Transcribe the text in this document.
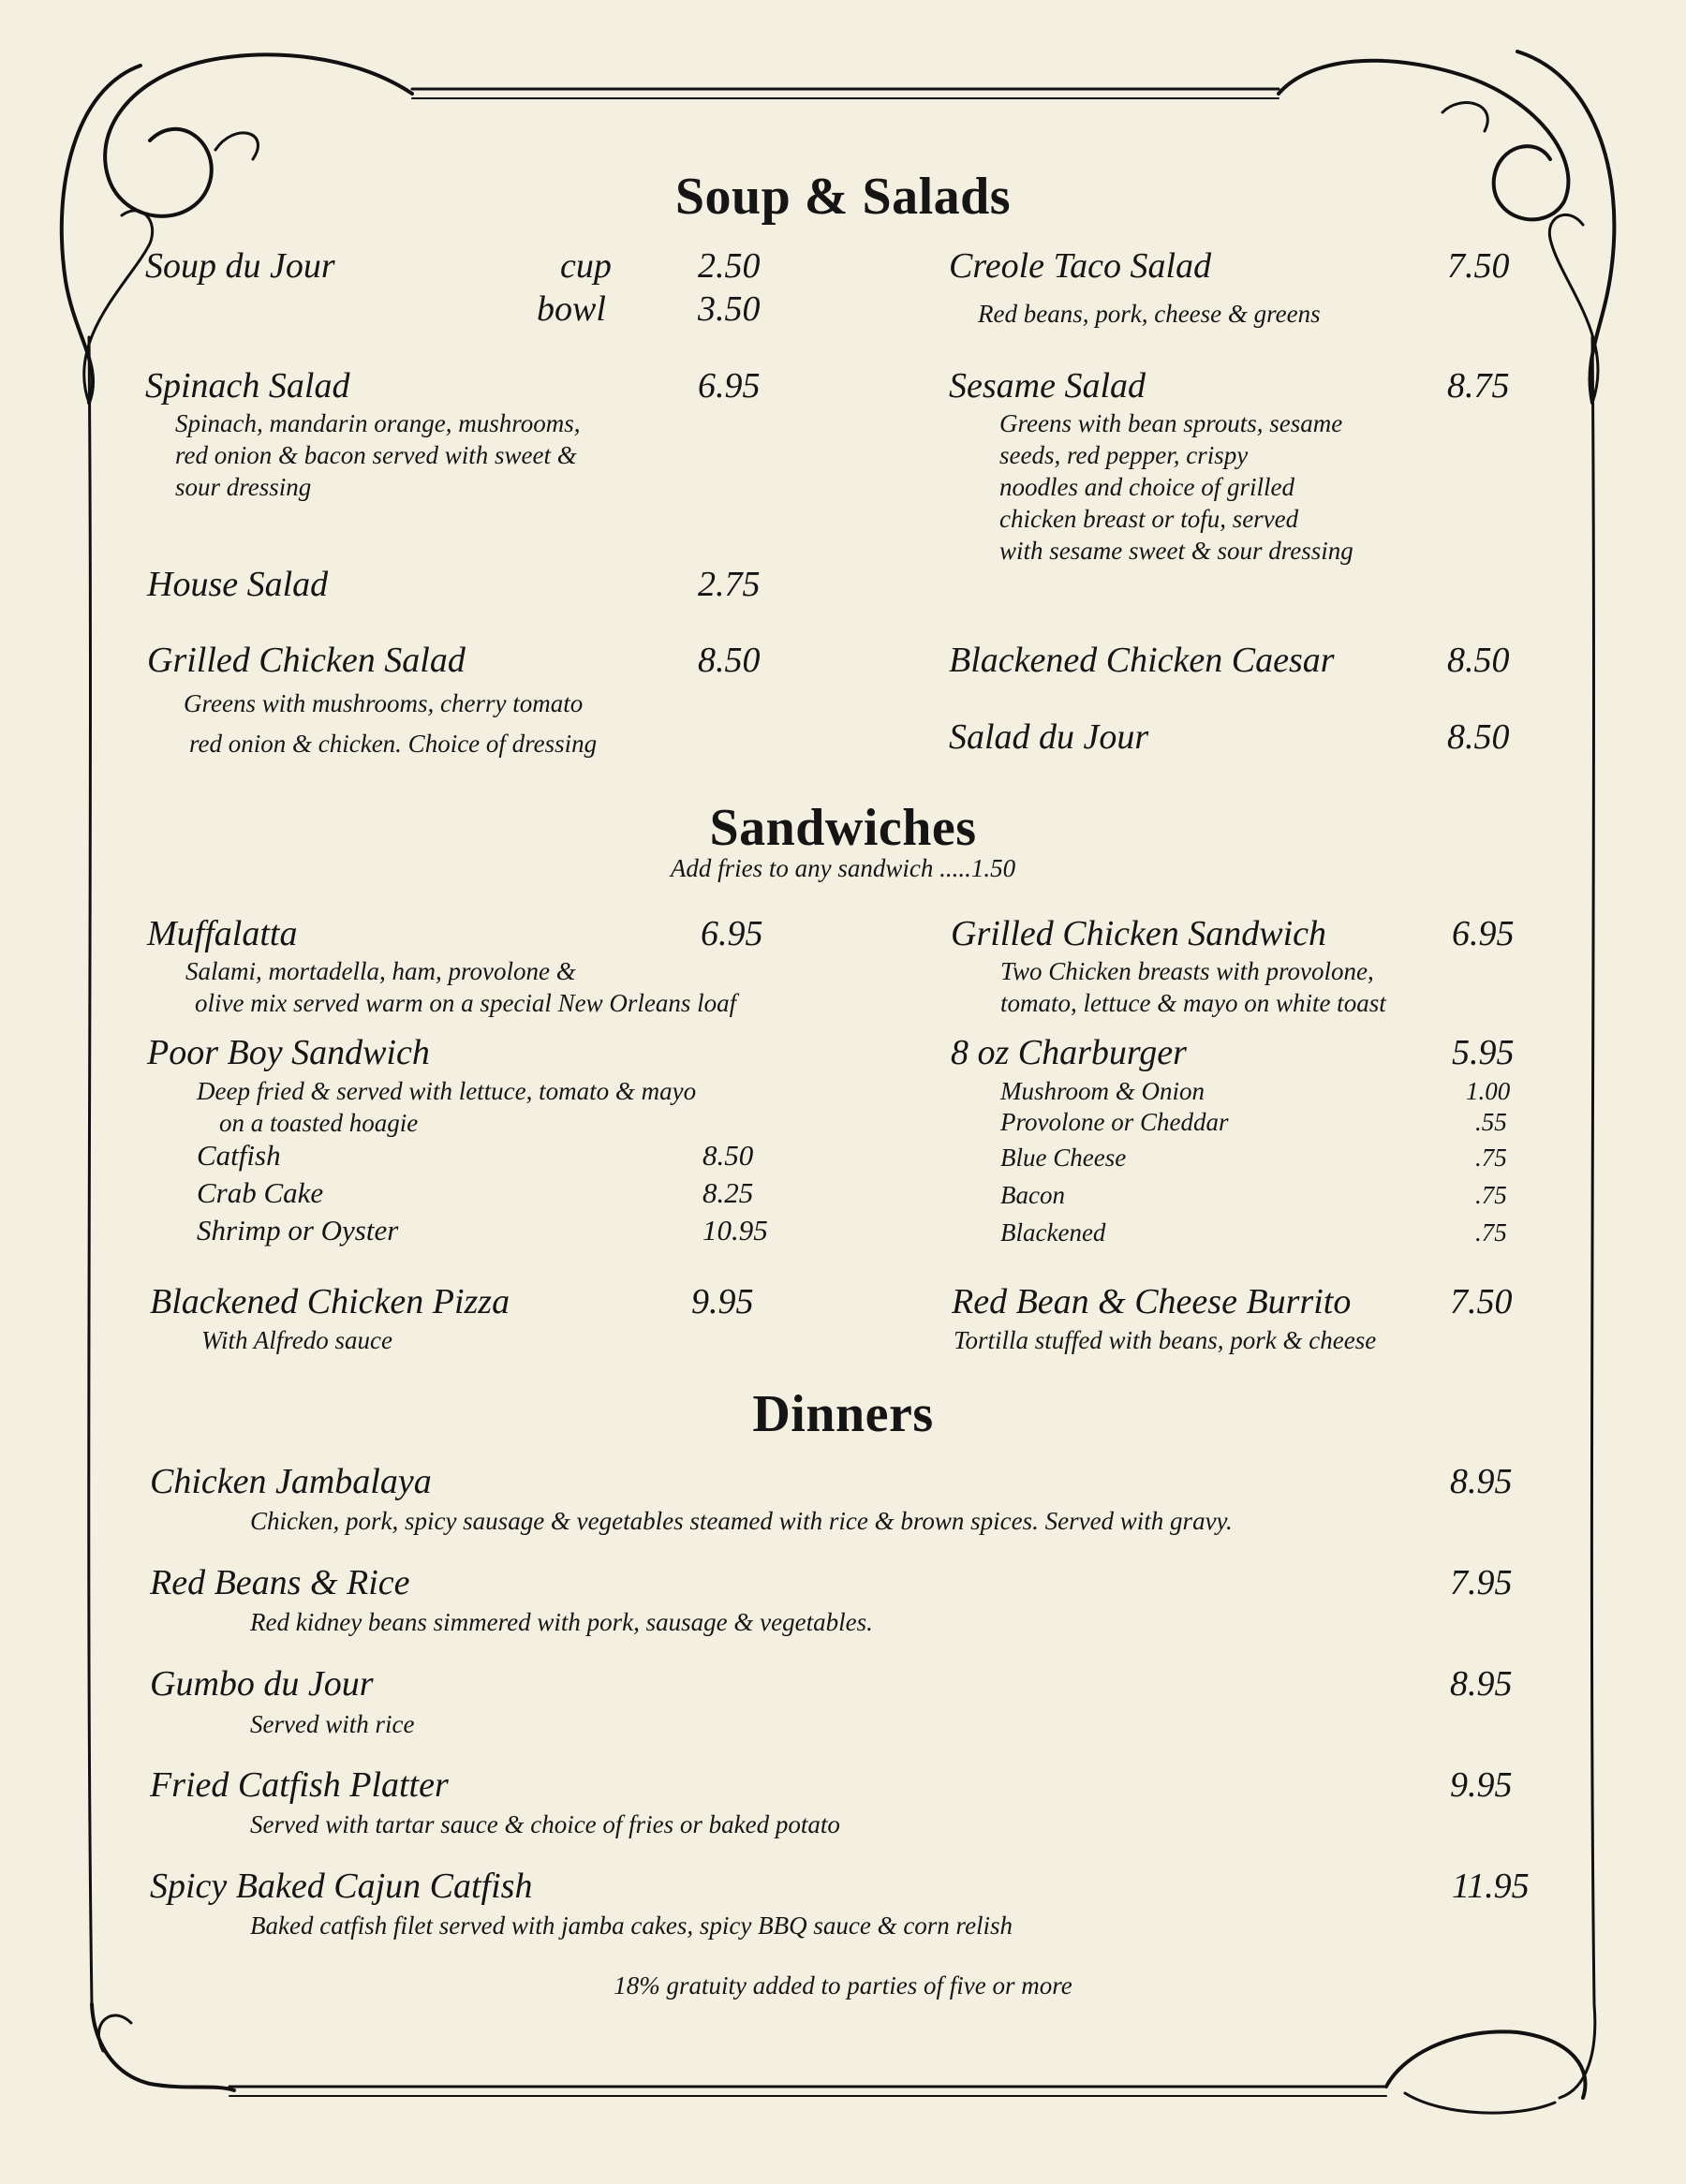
Soup & Salads
Soup du Jour	cup 2.50
bowl	3.50
Spinach Salad	6.95
Spinach, mandarin orange, mushrooms,
red onion & bacon served with sweet &
sour dressing
House Salad	2.75
Grilled Chicken Salad	8.50
Greens with mushrooms, cherry tomato
red onion & chicken. Choice of dressing
Creole Taco Salad	7.50
Red beans, pork, cheese & greens
Sesame Salad	8.75
Greens with bean sprouts, sesame
seeds, red pepper, crispy
noodles and choice of grilled
chicken breast or tofu, served
with sesame sweet & sour dressing
Blackened Chicken Caesar	8.50
Salad du Jour	8.50
Sandwiches
Add fries to any sandwich .....1.50
Muffalatta	6.95
Salami, mortadella, ham, provolone &
olive mix served warm on a special New Orleans loaf
Poor Boy Sandwich
Deep fried & served with lettuce, tomato & mayo
on a toasted hoagie
Catfish	8.50
Crab Cake	8.25
Shrimp or Oyster	10.95
Blackened Chicken Pizza	9.95
With Alfredo sauce
Grilled Chicken Sandwich	6.95
Two Chicken breasts with provolone,
tomato, lettuce & mayo on white toast
8 oz Charburger	5.95
Mushroom & Onion	1.00
Provolone or Cheddar	.55
Blue Cheese	.75
Bacon	.75
Blackened	.75
Red Bean & Cheese Burrito	7.50
Tortilla stuffed with beans, pork & cheese
Dinners
Chicken Jambalaya	8.95
Chicken, pork, spicy sausage & vegetables steamed with rice & brown spices. Served with gravy.
Red Beans & Rice	7.95
Red kidney beans simmered with pork, sausage & vegetables.
Gumbo du Jour	8.95
Served with rice
Fried Catfish Platter	9.95
Served with tartar sauce & choice of fries or baked potato
Spicy Baked Cajun Catfish	11.95
Baked catfish filet served with jamba cakes, spicy BBQ sauce & corn relish
18% gratuity added to parties of five or more
